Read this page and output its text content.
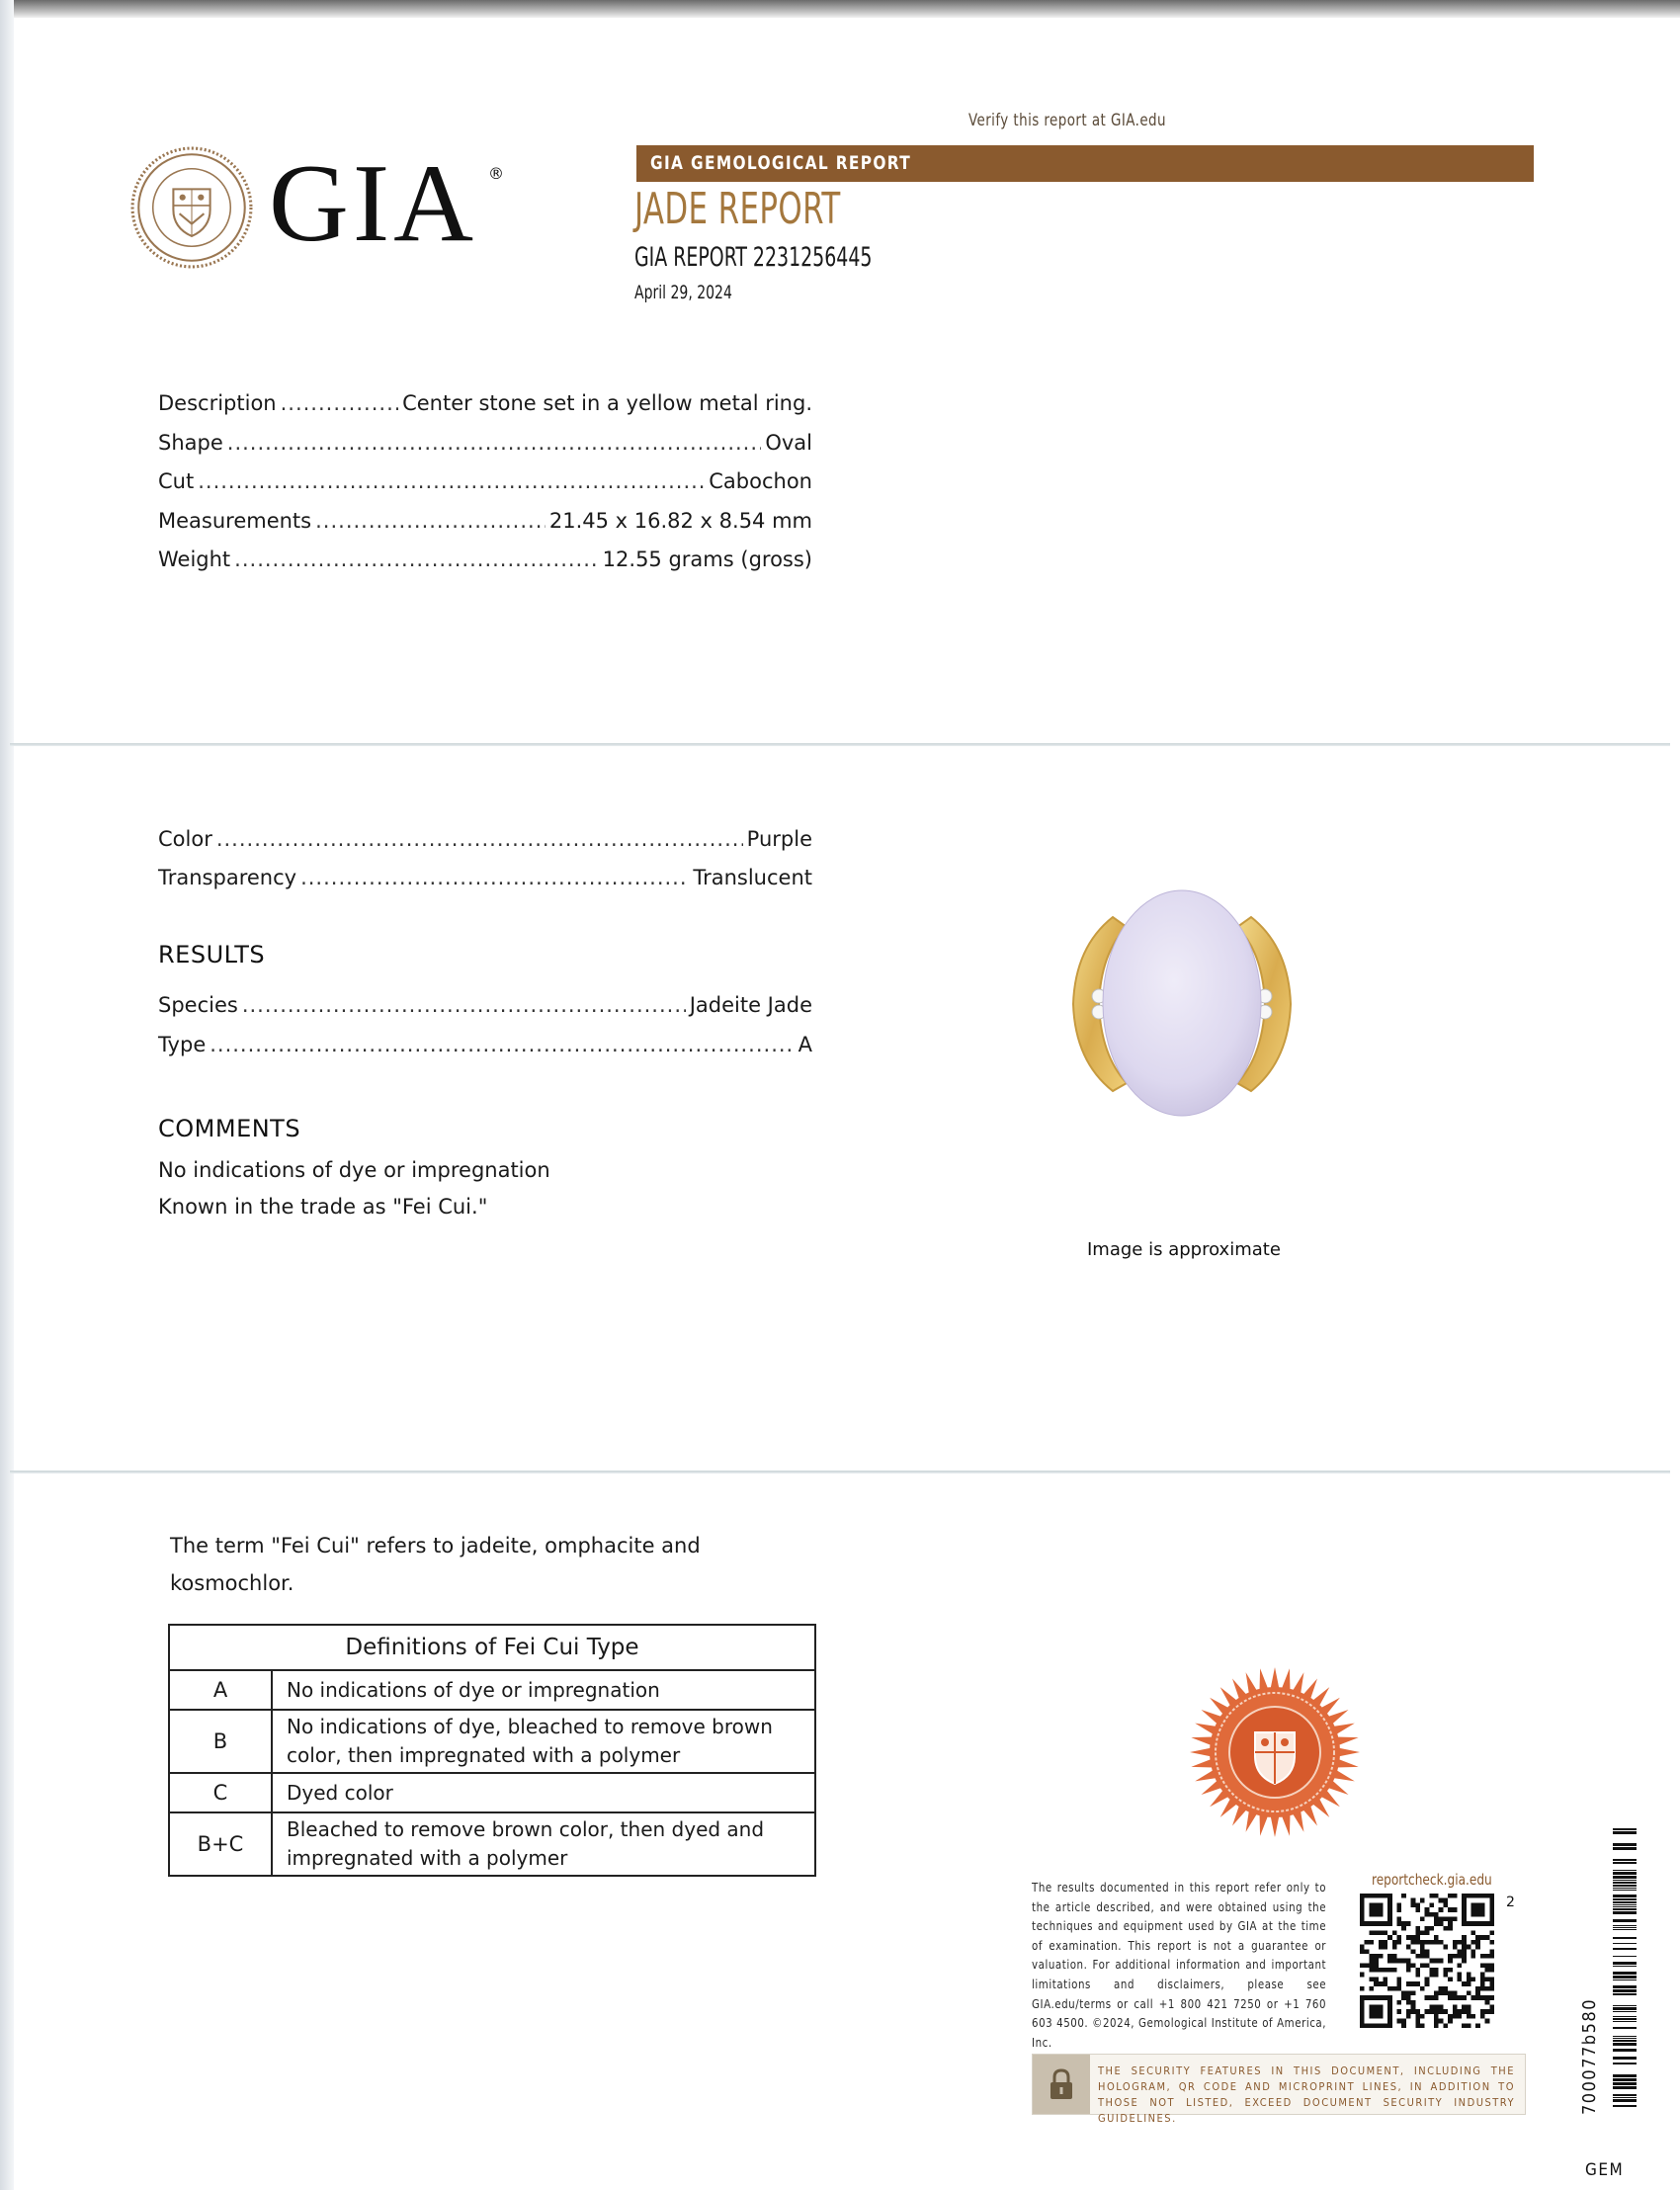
GIA ®
Verify this report at GIA.edu
GIA GEMOLOGICAL REPORT
JADE REPORT
GIA REPORT 2231256445
April 29, 2024
Description .....	Center stone set in a yellow metal ring.
Shape .....	Oval
Cut .....	Cabochon
Measurements .....	21.45 x 16.82 x 8.54 mm
Weight .....	12.55 grams (gross)
Color .....	Purple
Transparency .....	Translucent
RESULTS
Species .....	Jadeite Jade
Type .....	A
COMMENTS
No indications of dye or impregnation
Known in the trade as "Fei Cui."
Image is approximate
The term "Fei Cui" refers to jadeite, omphacite and kosmochlor.
Definitions of Fei Cui Type	
A	No indications of dye or impregnation
B	No indications of dye, bleached to remove brown color, then impregnated with a polymer
C	Dyed color
B+C	Bleached to remove brown color, then dyed and impregnated with a polymer
The results documented in this report refer only to the article described, and were obtained using the techniques and equipment used by GIA at the time of examination. This report is not a guarantee or valuation. For additional information and important limitations and disclaimers, please see GIA.edu/terms or call +1 800 421 7250 or +1 760 603 4500. ©2024, Gemological Institute of America, Inc.
reportcheck.gia.edu
2
THE SECURITY FEATURES IN THIS DOCUMENT, INCLUDING THE HOLOGRAM, QR CODE AND MICROPRINT LINES, IN ADDITION TO THOSE NOT LISTED, EXCEED DOCUMENT SECURITY INDUSTRY GUIDELINES.
700077b580
GEM
